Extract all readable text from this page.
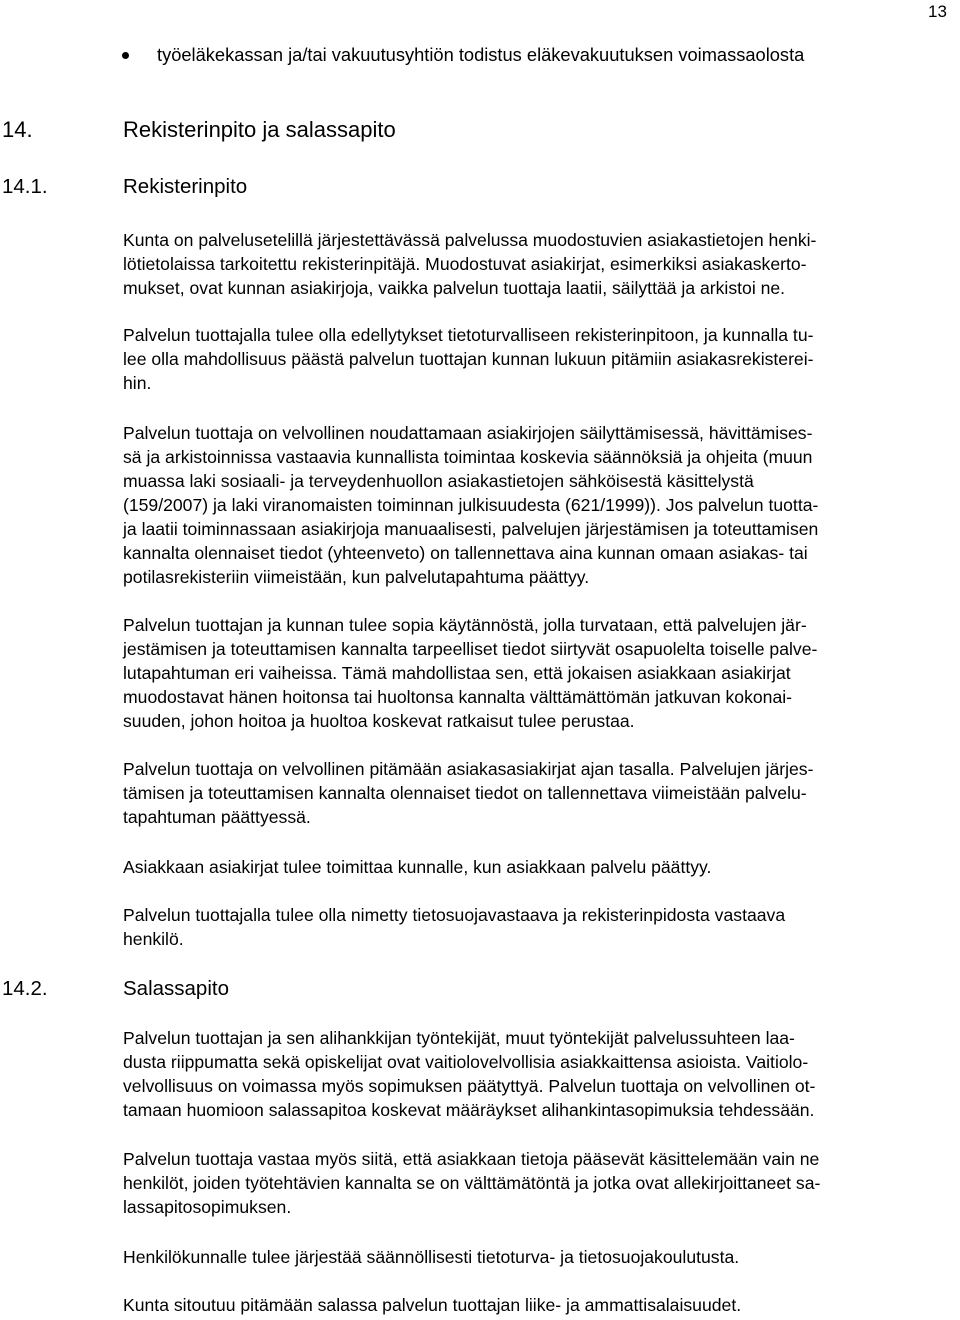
13
työeläkekassan ja/tai vakuutusyhtiön todistus eläkevakuutuksen voimassaolosta
14.	Rekisterinpito ja salassapito
14.1.	Rekisterinpito
14.2.	Salassapito
Kunta on palvelusetelillä järjestettävässä palvelussa muodostuvien asiakastietojen henki-
lötietolaissa tarkoitettu rekisterinpitäjä. Muodostuvat asiakirjat, esimerkiksi asiakaskerto-
mukset, ovat kunnan asiakirjoja, vaikka palvelun tuottaja laatii, säilyttää ja arkistoi ne.
Palvelun tuottajalla tulee olla edellytykset tietoturvalliseen rekisterinpitoon, ja kunnalla tu-
lee olla mahdollisuus päästä palvelun tuottajan kunnan lukuun pitämiin asiakasrekisterei-
hin.
Palvelun tuottaja on velvollinen noudattamaan asiakirjojen säilyttämisessä, hävittämises-
sä ja arkistoinnissa vastaavia kunnallista toimintaa koskevia säännöksiä ja ohjeita (muun
muassa laki sosiaali- ja terveydenhuollon asiakastietojen sähköisestä käsittelystä
(159/2007) ja laki viranomaisten toiminnan julkisuudesta (621/1999)). Jos palvelun tuotta-
ja laatii toiminnassaan asiakirjoja manuaalisesti, palvelujen järjestämisen ja toteuttamisen
kannalta olennaiset tiedot (yhteenveto) on tallennettava aina kunnan omaan asiakas- tai
potilasrekisteriin viimeistään, kun palvelutapahtuma päättyy.
Palvelun tuottajan ja kunnan tulee sopia käytännöstä, jolla turvataan, että palvelujen jär-
jestämisen ja toteuttamisen kannalta tarpeelliset tiedot siirtyvät osapuolelta toiselle palve-
lutapahtuman eri vaiheissa. Tämä mahdollistaa sen, että jokaisen asiakkaan asiakirjat
muodostavat hänen hoitonsa tai huoltonsa kannalta välttämättömän jatkuvan kokonai-
suuden, johon hoitoa ja huoltoa koskevat ratkaisut tulee perustaa.
Palvelun tuottaja on velvollinen pitämään asiakasasiakirjat ajan tasalla. Palvelujen järjes-
tämisen ja toteuttamisen kannalta olennaiset tiedot on tallennettava viimeistään palvelu-
tapahtuman päättyessä.
Asiakkaan asiakirjat tulee toimittaa kunnalle, kun asiakkaan palvelu päättyy.
Palvelun tuottajalla tulee olla nimetty tietosuojavastaava ja rekisterinpidosta vastaava
henkilö.
Palvelun tuottajan ja sen alihankkijan työntekijät, muut työntekijät palvelussuhteen laa-
dusta riippumatta sekä opiskelijat ovat vaitiolovelvollisia asiakkaittensa asioista. Vaitiolo-
velvollisuus on voimassa myös sopimuksen päätyttyä. Palvelun tuottaja on velvollinen ot-
tamaan huomioon salassapitoa koskevat määräykset alihankintasopimuksia tehdessään.
Palvelun tuottaja vastaa myös siitä, että asiakkaan tietoja pääsevät käsittelemään vain ne
henkilöt, joiden työtehtävien kannalta se on välttämätöntä ja jotka ovat allekirjoittaneet sa-
lassapitosopimuksen.
Henkilökunnalle tulee järjestää säännöllisesti tietoturva- ja tietosuojakoulutusta.
Kunta sitoutuu pitämään salassa palvelun tuottajan liike- ja ammattisalaisuudet.
